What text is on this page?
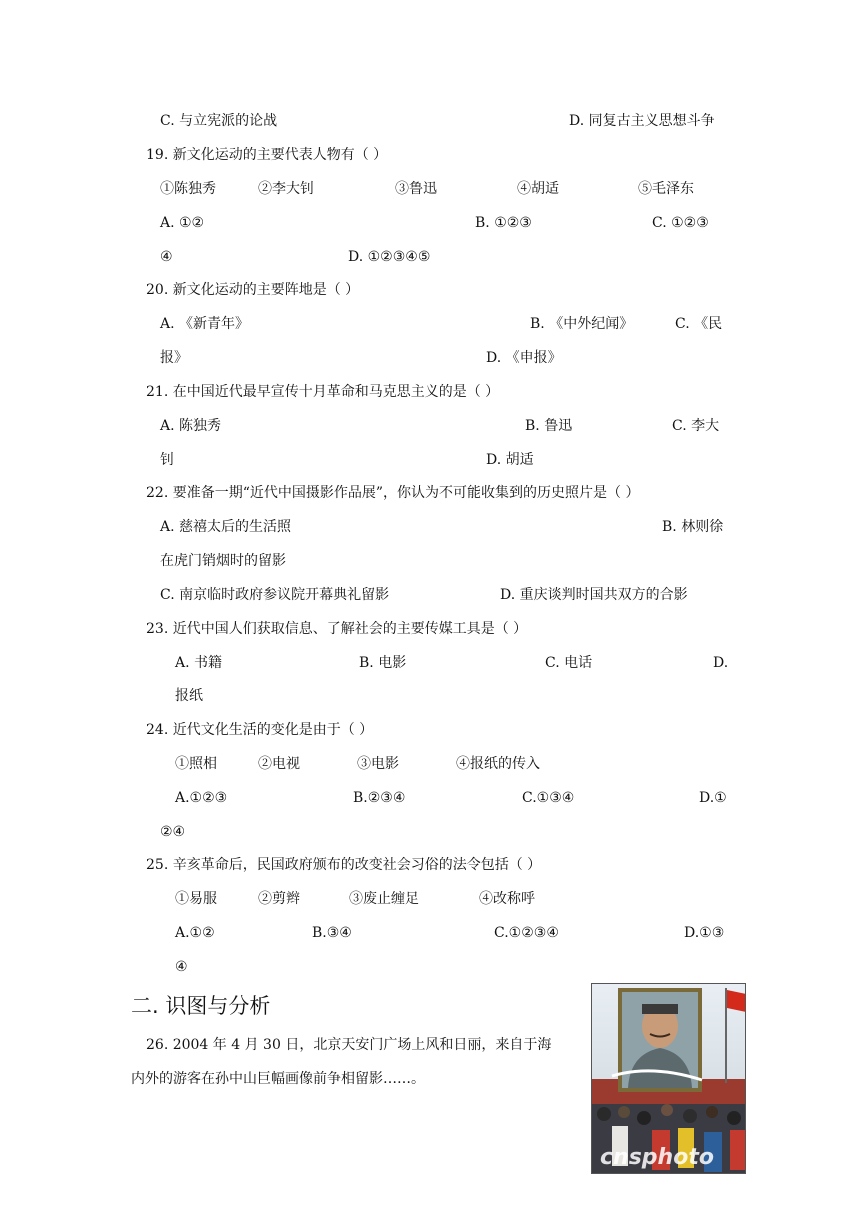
C. 与立宪派的论战	D. 同复古主义思想斗争
19. 新文化运动的主要代表人物有（ ）
①陈独秀	②李大钊	③鲁迅	④胡适	⑤毛泽东
A. ①②	B. ①②③	C. ①②③
④	D. ①②③④⑤
20. 新文化运动的主要阵地是（ ）
A. 《新青年》	B. 《中外纪闻》	C. 《民
报》	D. 《申报》
21. 在中国近代最早宣传十月革命和马克思主义的是（ ）
A. 陈独秀	B. 鲁迅	C. 李大
钊	D. 胡适
22. 要准备一期“近代中国摄影作品展”，你认为不可能收集到的历史照片是（ ）
A. 慈禧太后的生活照	B. 林则徐
在虎门销烟时的留影
C. 南京临时政府参议院开幕典礼留影	D. 重庆谈判时国共双方的合影
23. 近代中国人们获取信息、了解社会的主要传媒工具是（ ）
A. 书籍	B. 电影	C. 电话	D.
报纸
24. 近代文化生活的变化是由于（ ）
①照相	②电视	③电影	④报纸的传入
A.①②③	B.②③④	C.①③④	D.①
②④
25. 辛亥革命后，民国政府颁布的改变社会习俗的法令包括（ ）
①易服	②剪辫	③废止缠足	④改称呼
A.①②	B.③④	C.①②③④	D.①③
④
二. 识图与分析
26. 2004 年 4 月 30 日，北京天安门广场上风和日丽，来自于海
内外的游客在孙中山巨幅画像前争相留影……。
cnsphoto
